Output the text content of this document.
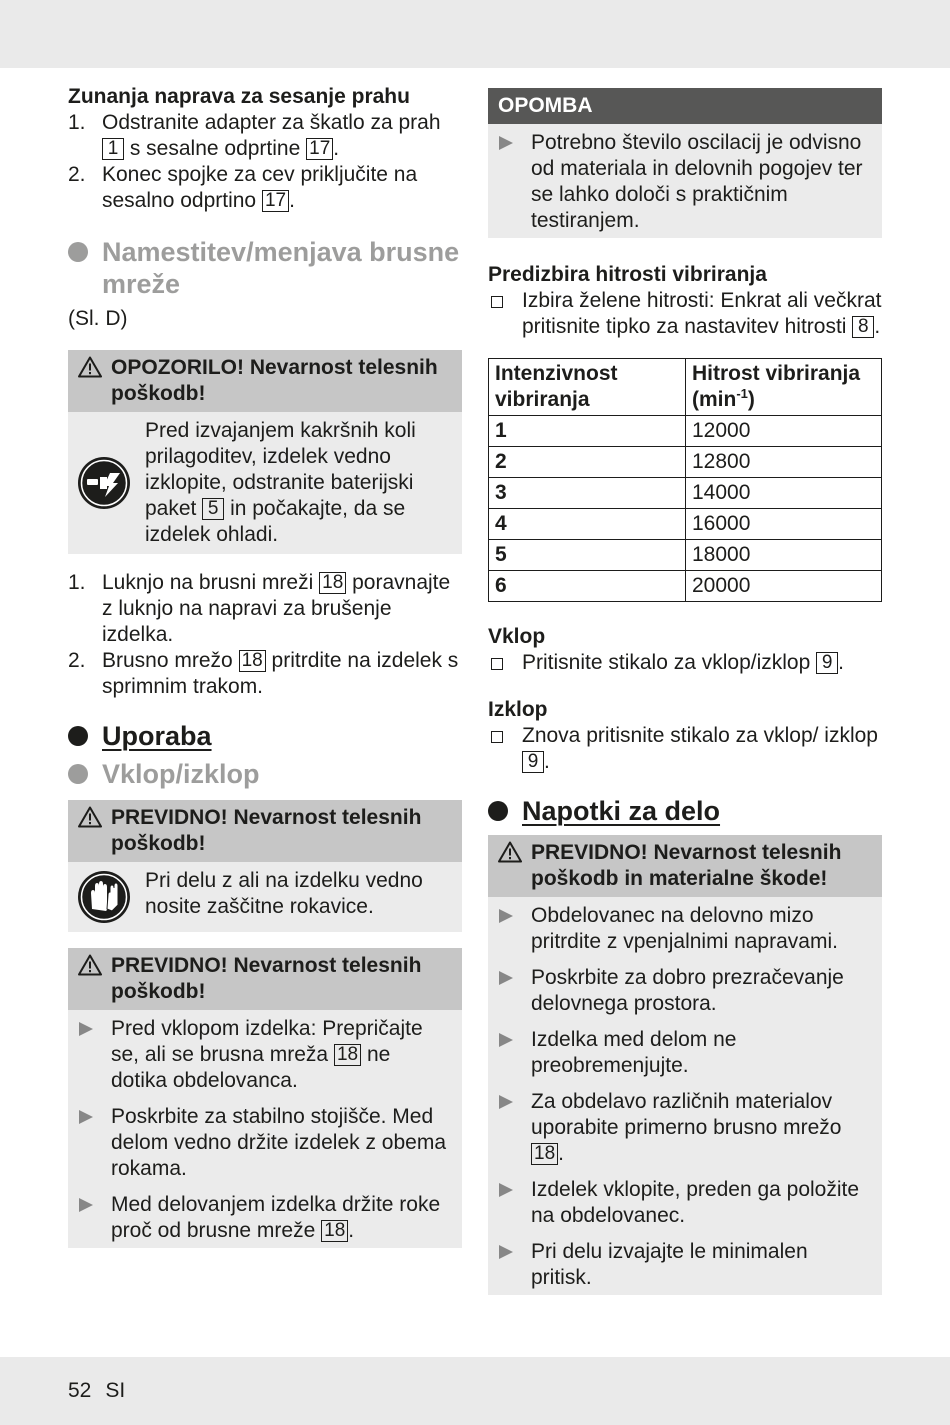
Zunanja naprava za sesanje prahu

1. Odstranite adapter za škatlo za prah 1 s sesalne odprtine 17 .
2. Konec spojke za cev priključite na sesalno odprtino 17 .
Namestitev/menjava brusne
mreže
(Sl. D)
OPOZORILO! Nevarnost telesnih
poškodb!
Pred izvajanjem kakršnih koli prilagoditev, izdelek vedno izklopite, odstranite baterijski paket 5 in počakajte, da se izdelek ohladi.
1. Luknjo na brusni mreži 18 poravnajte z luknjo na napravi za brušenje izdelka.
2. Brusno mrežo 18 pritrdite na izdelek s sprimnim trakom.
Uporaba
Vklop/izklop
PREVIDNO! Nevarnost telesnih
poškodb!
Pri delu z ali na izdelku vedno nosite zaščitne rokavice.
PREVIDNO! Nevarnost telesnih
poškodb!
Pred vklopom izdelka: Prepričajte se, ali se brusna mreža 18 ne dotika obdelovanca.
Poskrbite za stabilno stojišče. Med delom vedno držite izdelek z obema rokama.
Med delovanjem izdelka držite roke proč od brusne mreže 18 .
OPOMBA
Potrebno število oscilacij je odvisno od materiala in delovnih pogojev ter se lahko določi s praktičnim testiranjem.

Predizbira hitrosti vibriranja

Izbira želene hitrosti: Enkrat ali večkrat pritisnite tipko za nastavitev hitrosti 8 .
Intenzivnost
vibriranja	Hitrost vibriranja
$(\min^{-1})$
1	12000
2	12800
3	14000
4	16000
5	18000
6	20000

Vklop

Pritisnite stikalo za vklop/izklop 9 .

Izklop

Znova pritisnite stikalo za vklop/ izklop 9 .
Napotki za delo
PREVIDNO! Nevarnost telesnih
poškodb in materialne škode!
Obdelovanec na delovno mizo pritrdite z vpenjalnimi napravami.
Poskrbite za dobro prezračevanje delovnega prostora.
Izdelka med delom ne preobremenjujte.
Za obdelavo različnih materialov uporabite primerno brusno mrežo 18 .
Izdelek vklopite, preden ga položite na obdelovanec.
Pri delu izvajajte le minimalen pritisk.
52 SI
